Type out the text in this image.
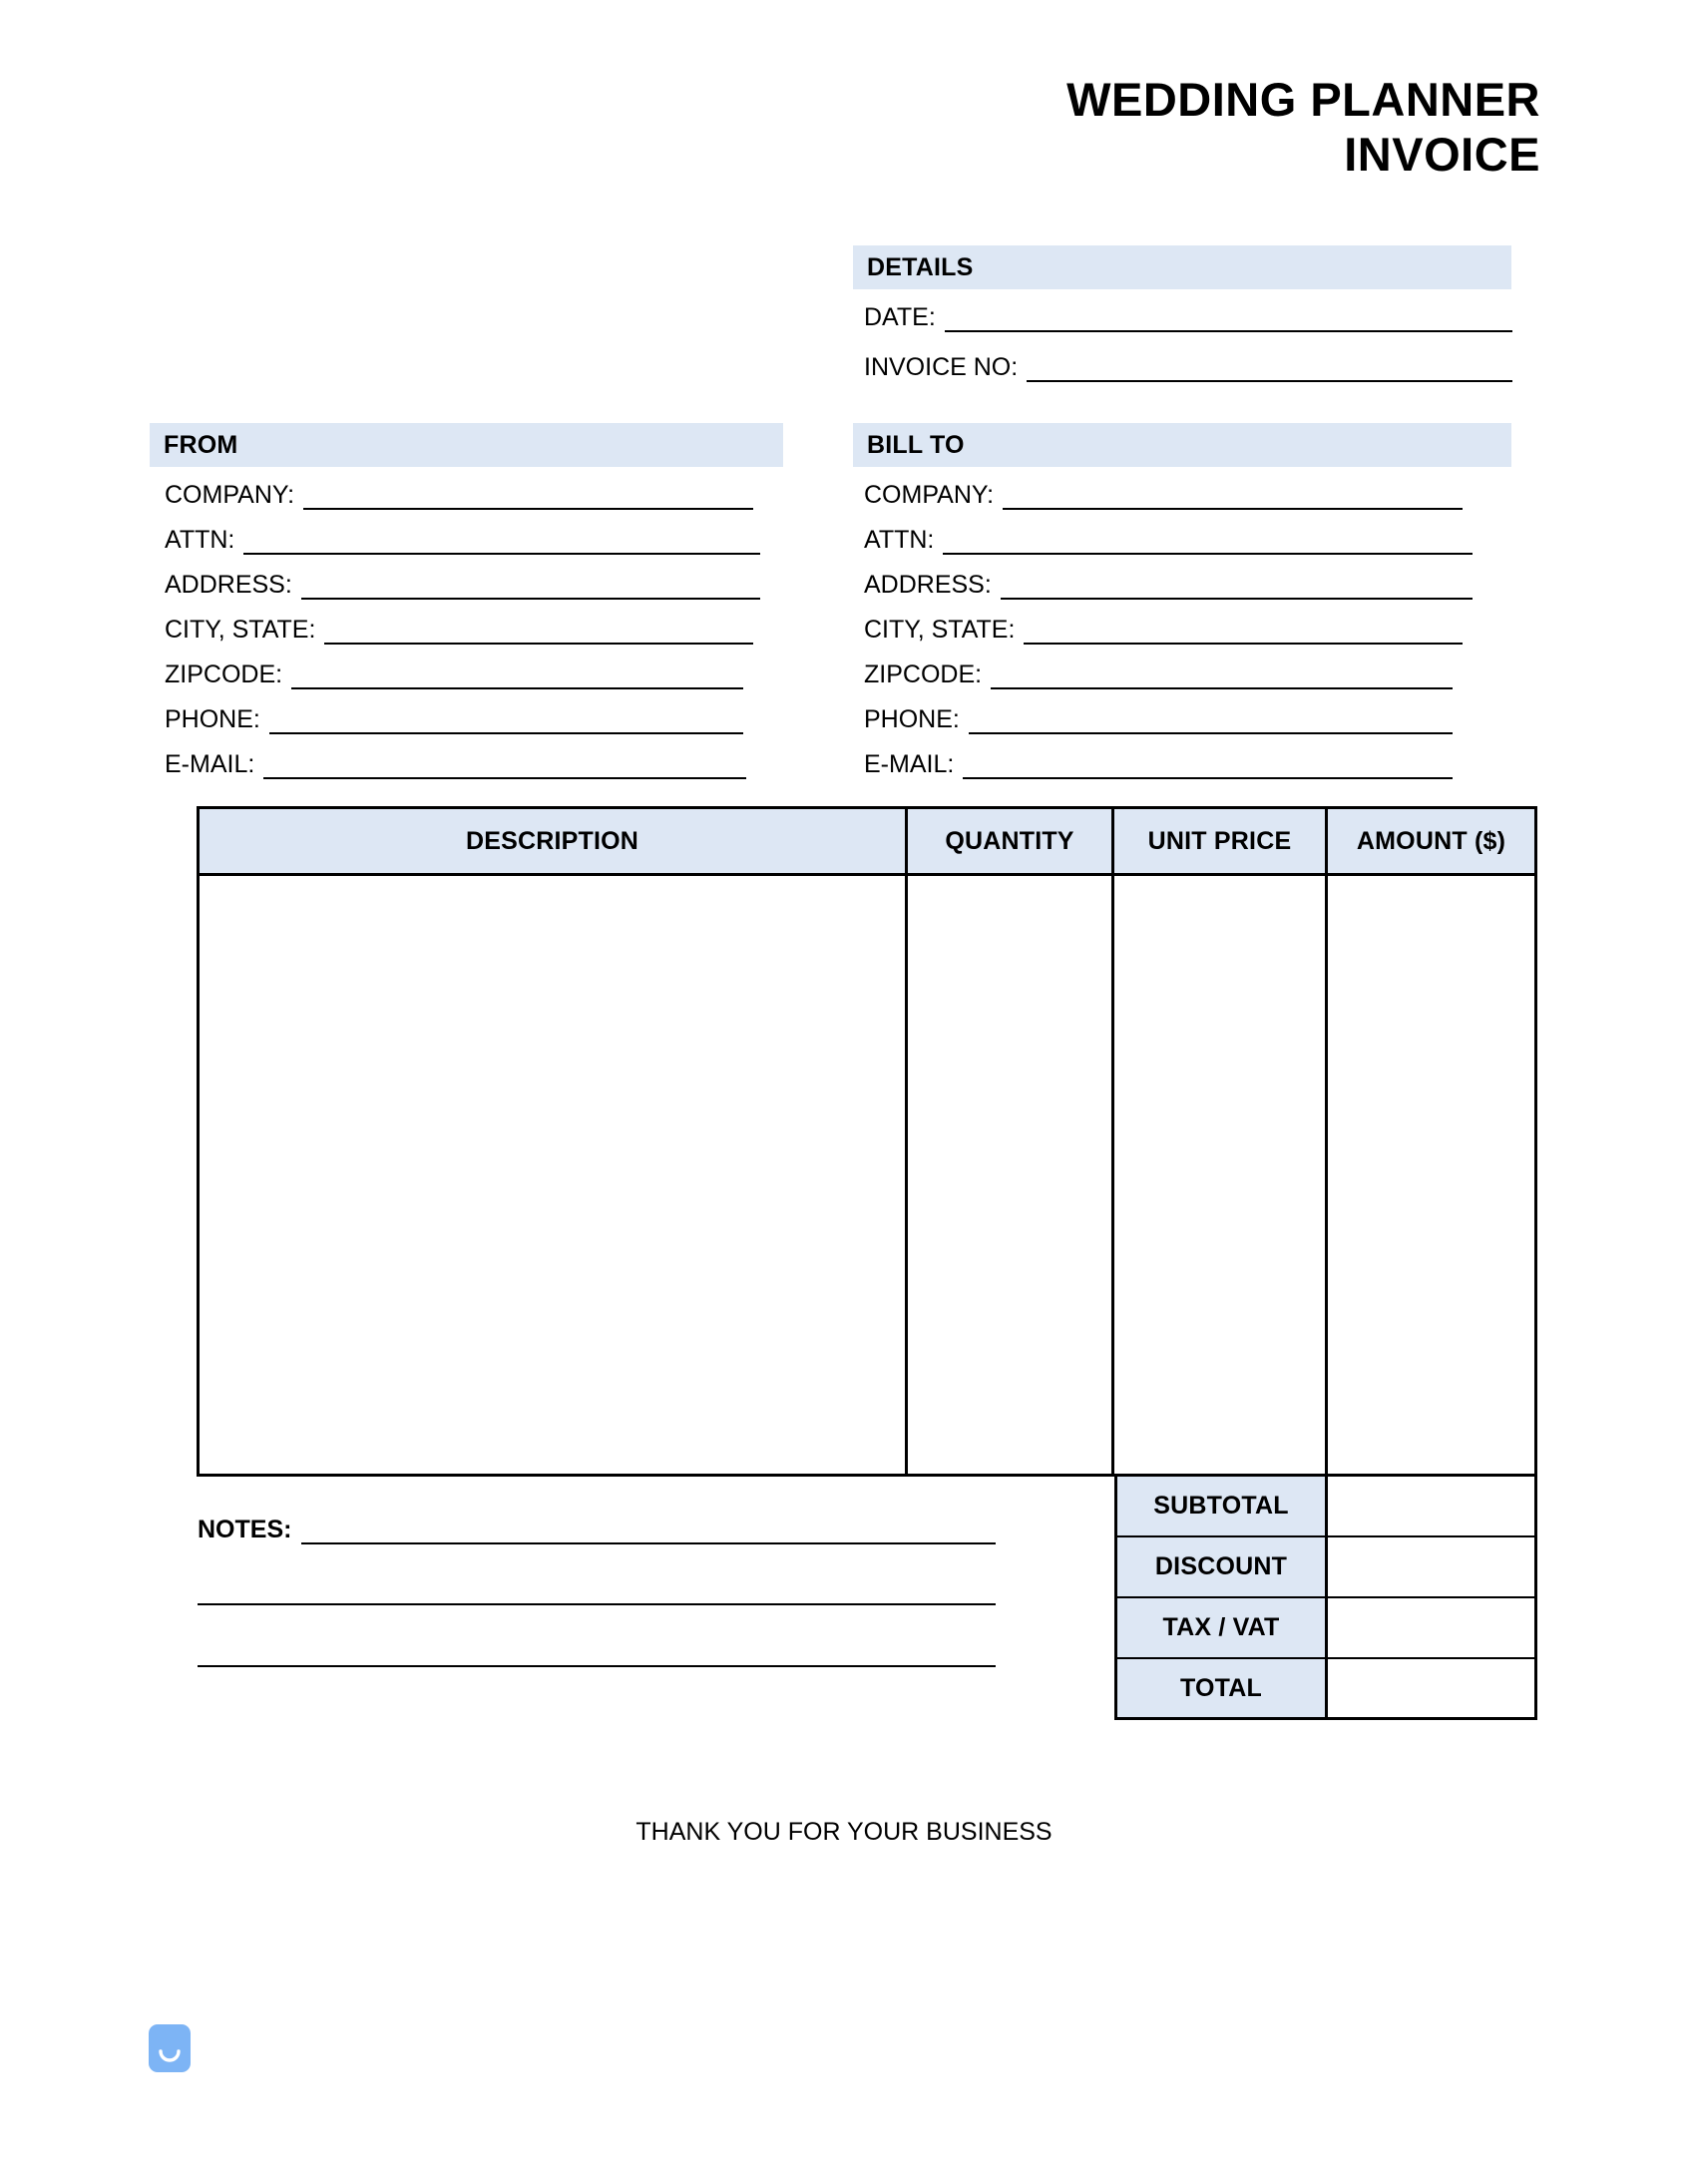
WEDDING PLANNER
INVOICE
DETAILS
DATE:
INVOICE NO:
FROM
COMPANY:
ATTN:
ADDRESS:
CITY, STATE:
ZIPCODE:
PHONE:
E-MAIL:
BILL TO
COMPANY:
ATTN:
ADDRESS:
CITY, STATE:
ZIPCODE:
PHONE:
E-MAIL:
DESCRIPTION	QUANTITY	UNIT PRICE	AMOUNT ($)
SUBTOTAL
DISCOUNT
TAX / VAT
TOTAL
NOTES:
THANK YOU FOR YOUR BUSINESS
